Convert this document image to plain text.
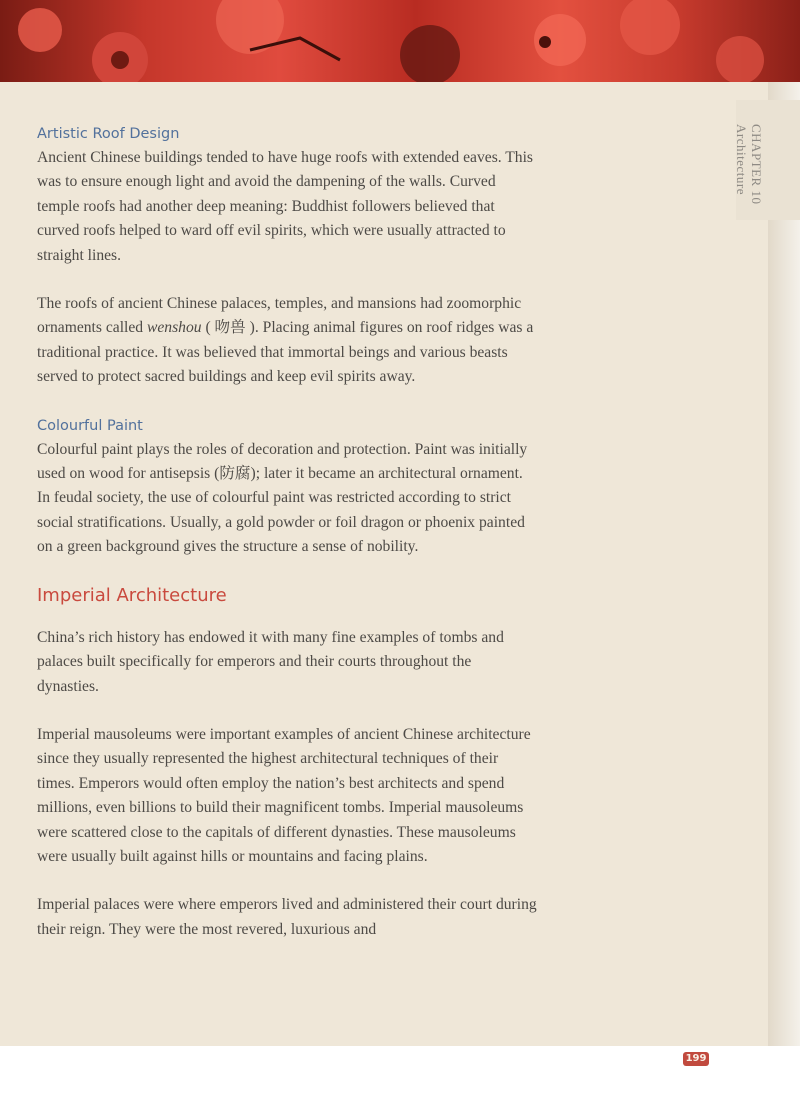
CHAPTER 10
Architecture
Artistic Roof Design

Ancient Chinese buildings tended to have huge roofs with extended eaves. This was to ensure enough light and avoid the dampening of the walls. Curved temple roofs had another deep meaning: Buddhist followers believed that curved roofs helped to ward off evil spirits, which were usually attracted to straight lines.

The roofs of ancient Chinese palaces, temples, and mansions had zoomorphic ornaments called wenshou ( 吻兽 ). Placing animal figures on roof ridges was a traditional practice. It was believed that immortal beings and various beasts served to protect sacred buildings and keep evil spirits away.

Colourful Paint

Colourful paint plays the roles of decoration and protection. Paint was initially used on wood for antisepsis (防腐); later it became an architectural ornament. In feudal society, the use of colourful paint was restricted according to strict social stratifications. Usually, a gold powder or foil dragon or phoenix painted on a green background gives the structure a sense of nobility.

Imperial Architecture

China’s rich history has endowed it with many fine examples of tombs and palaces built specifically for emperors and their courts throughout the dynasties.

Imperial mausoleums were important examples of ancient Chinese architecture since they usually represented the highest architectural techniques of their times. Emperors would often employ the nation’s best architects and spend millions, even billions to build their magnificent tombs. Imperial mausoleums were scattered close to the capitals of different dynasties. These mausoleums were usually built against hills or mountains and facing plains.

Imperial palaces were where emperors lived and administered their court during their reign. They were the most revered, luxurious and

199
